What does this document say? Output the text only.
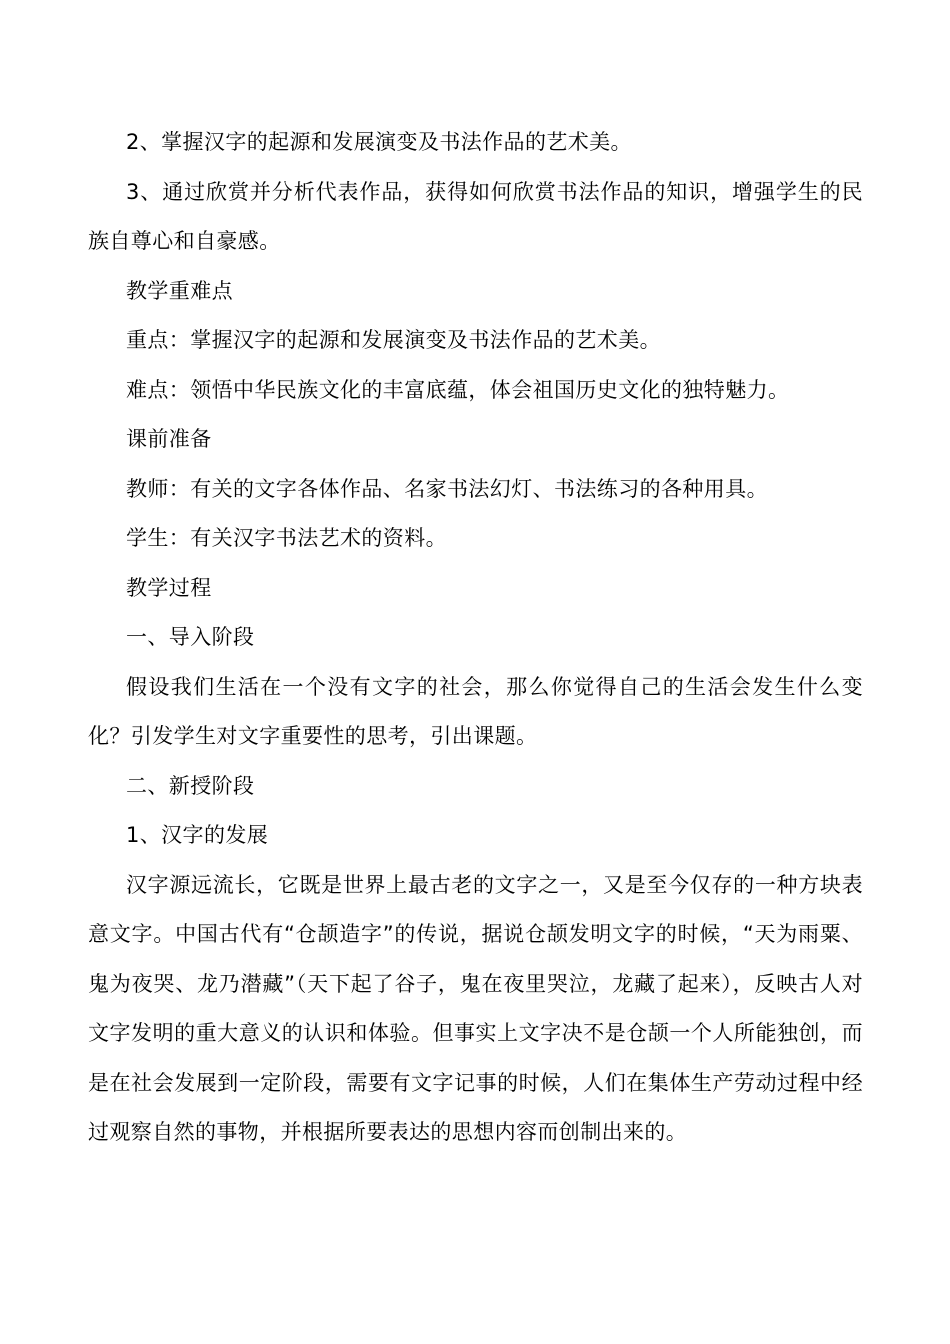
2、掌握汉字的起源和发展演变及书法作品的艺术美。

3、通过欣赏并分析代表作品，获得如何欣赏书法作品的知识，增强学生的民族自尊心和自豪感。

教学重难点

重点：掌握汉字的起源和发展演变及书法作品的艺术美。

难点：领悟中华民族文化的丰富底蕴，体会祖国历史文化的独特魅力。

课前准备

教师：有关的文字各体作品、名家书法幻灯、书法练习的各种用具。

学生：有关汉字书法艺术的资料。

教学过程

一、导入阶段

假设我们生活在一个没有文字的社会，那么你觉得自己的生活会发生什么变化？引发学生对文字重要性的思考，引出课题。

二、新授阶段

1、汉字的发展

汉字源远流长，它既是世界上最古老的文字之一，又是至今仅存的一种方块表意文字。中国古代有“仓颉造字”的传说，据说仓颉发明文字的时候，“天为雨粟、鬼为夜哭、龙乃潜藏”（天下起了谷子，鬼在夜里哭泣，龙藏了起来），反映古人对文字发明的重大意义的认识和体验。但事实上文字决不是仓颉一个人所能独创，而是在社会发展到一定阶段，需要有文字记事的时候，人们在集体生产劳动过程中经过观察自然的事物，并根据所要表达的思想内容而创制出来的。
